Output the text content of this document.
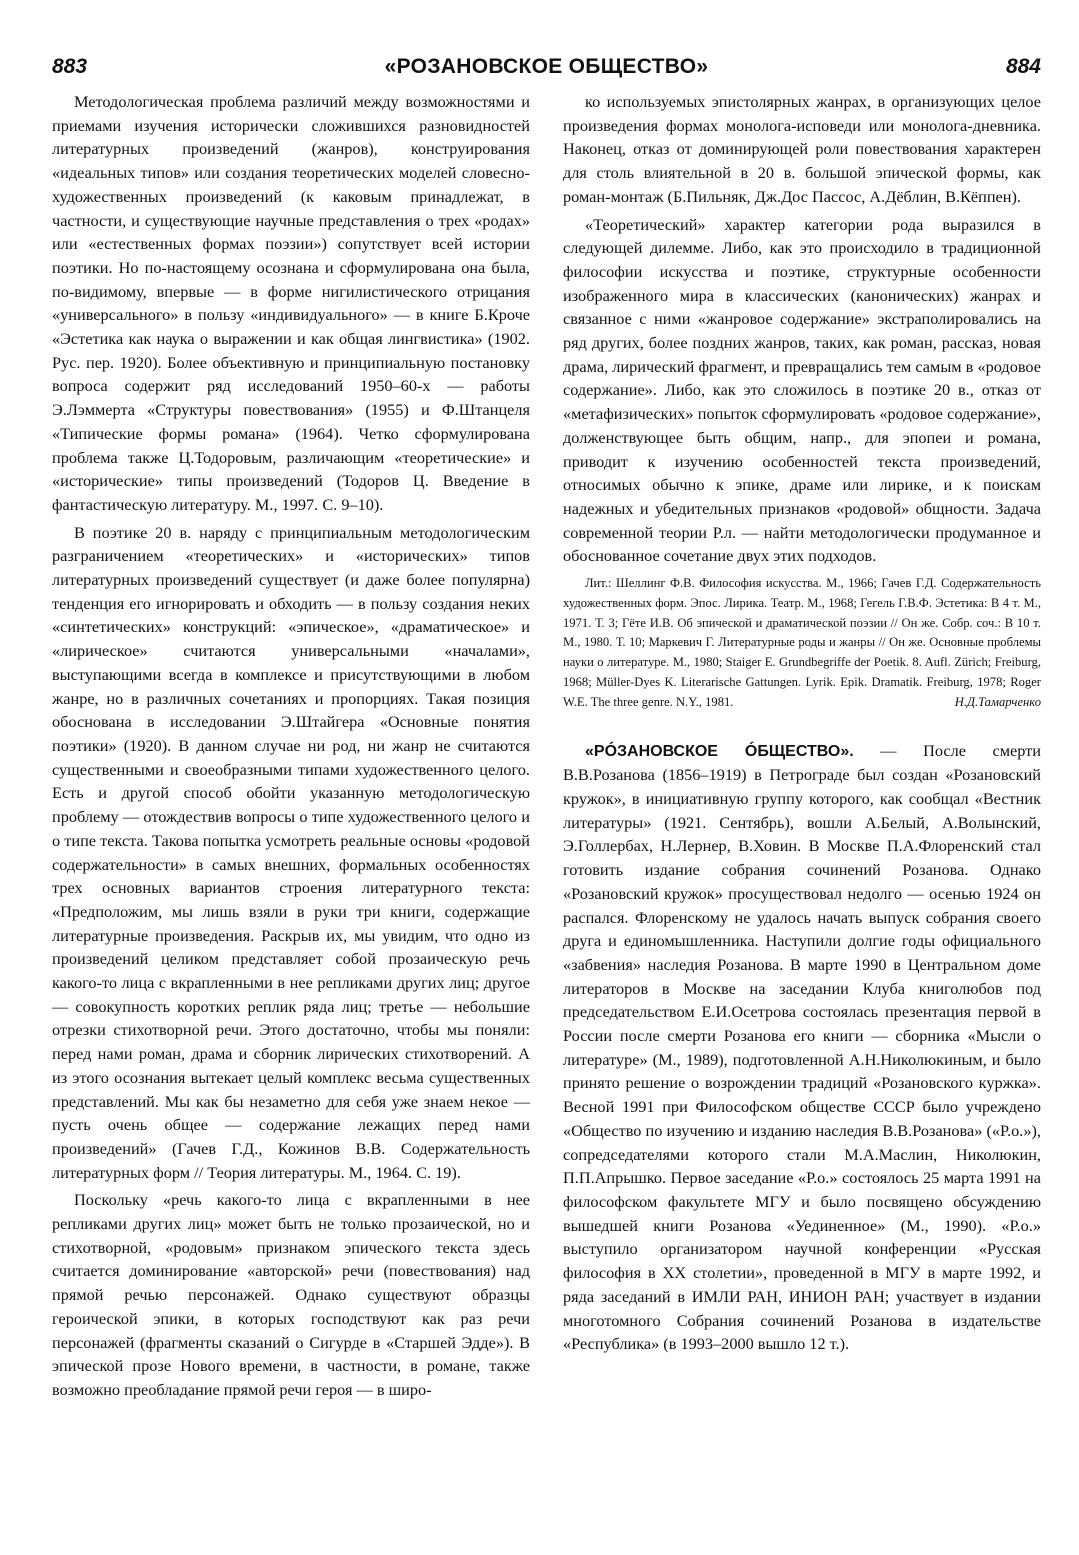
883	«РОЗАНОВСКОЕ ОБЩЕСТВО»	884

Методологическая проблема различий между возможностями и приемами изучения исторически сложившихся разновидностей литературных произведений (жанров), конструирования «идеальных типов» или создания теоретических моделей словесно-художественных произведений (к каковым принадлежат, в частности, и существующие научные представления о трех «родах» или «естественных формах поэзии») сопутствует всей истории поэтики. Но по-настоящему осознана и сформулирована она была, по-видимому, впервые — в форме нигилистического отрицания «универсального» в пользу «индивидуального» — в книге Б.Кроче «Эстетика как наука о выражении и как общая лингвистика» (1902. Рус. пер. 1920). Более объективную и принципиальную постановку вопроса содержит ряд исследований 1950–60-х — работы Э.Лэммерта «Структуры повествования» (1955) и Ф.Штанцеля «Типические формы романа» (1964). Четко сформулирована проблема также Ц.Тодоровым, различающим «теоретические» и «исторические» типы произведений (Тодоров Ц. Введение в фантастическую литературу. М., 1997. С. 9–10).

В поэтике 20 в. наряду с принципиальным методологическим разграничением «теоретических» и «исторических» типов литературных произведений существует (и даже более популярна) тенденция его игнорировать и обходить — в пользу создания неких «синтетических» конструкций: «эпическое», «драматическое» и «лирическое» считаются универсальными «началами», выступающими всегда в комплексе и присутствующими в любом жанре, но в различных сочетаниях и пропорциях. Такая позиция обоснована в исследовании Э.Штайгера «Основные понятия поэтики» (1920). В данном случае ни род, ни жанр не считаются существенными и своеобразными типами художественного целого. Есть и другой способ обойти указанную методологическую проблему — отождествив вопросы о типе художественного целого и о типе текста. Такова попытка усмотреть реальные основы «родовой содержательности» в самых внешних, формальных особенностях трех основных вариантов строения литературного текста: «Предположим, мы лишь взяли в руки три книги, содержащие литературные произведения. Раскрыв их, мы увидим, что одно из произведений целиком представляет собой прозаическую речь какого-то лица с вкрапленными в нее репликами других лиц; другое — совокупность коротких реплик ряда лиц; третье — небольшие отрезки стихотворной речи. Этого достаточно, чтобы мы поняли: перед нами роман, драма и сборник лирических стихотворений. А из этого осознания вытекает целый комплекс весьма существенных представлений. Мы как бы незаметно для себя уже знаем некое — пусть очень общее — содержание лежащих перед нами произведений» (Гачев Г.Д., Кожинов В.В. Содержательность литературных форм // Теория литературы. М., 1964. С. 19).

Поскольку «речь какого-то лица с вкрапленными в нее репликами других лиц» может быть не только прозаической, но и стихотворной, «родовым» признаком эпического текста здесь считается доминирование «авторской» речи (повествования) над прямой речью персонажей. Однако существуют образцы героической эпики, в которых господствуют как раз речи персонажей (фрагменты сказаний о Сигурде в «Старшей Эдде»). В эпической прозе Нового времени, в частности, в романе, также возможно преобладание прямой речи героя — в широ-

ко используемых эпистолярных жанрах, в организующих целое произведения формах монолога-исповеди или монолога-дневника. Наконец, отказ от доминирующей роли повествования характерен для столь влиятельной в 20 в. большой эпической формы, как роман-монтаж (Б.Пильняк, Дж.Дос Пассос, А.Дёблин, В.Кёппен).

«Теоретический» характер категории рода выразился в следующей дилемме. Либо, как это происходило в традиционной философии искусства и поэтике, структурные особенности изображенного мира в классических (канонических) жанрах и связанное с ними «жанровое содержание» экстраполировались на ряд других, более поздних жанров, таких, как роман, рассказ, новая драма, лирический фрагмент, и превращались тем самым в «родовое содержание». Либо, как это сложилось в поэтике 20 в., отказ от «метафизических» попыток сформулировать «родовое содержание», долженствующее быть общим, напр., для эпопеи и романа, приводит к изучению особенностей текста произведений, относимых обычно к эпике, драме или лирике, и к поискам надежных и убедительных признаков «родовой» общности. Задача современной теории Р.л. — найти методологически продуманное и обоснованное сочетание двух этих подходов.

Лит.: Шеллинг Ф.В. Философия искусства. М., 1966; Гачев Г.Д. Содержательность художественных форм. Эпос. Лирика. Театр. М., 1968; Гегель Г.В.Ф. Эстетика: В 4 т. М., 1971. Т. 3; Гёте И.В. Об эпической и драматической поэзии // Он же. Собр. соч.: В 10 т. М., 1980. Т. 10; Маркевич Г. Литературные роды и жанры // Он же. Основные проблемы науки о литературе. М., 1980; Staiger E. Grundbegriffe der Poetik. 8. Aufl. Zürich; Freiburg, 1968; Müller-Dyes K. Literarische Gattungen. Lyrik. Epik. Dramatik. Freiburg, 1978; Roger W.E. The three genre. N.Y., 1981.	Н.Д.Тамарченко

«РÓЗАНОВСКОЕ ÓБЩЕСТВО». — После смерти В.В.Розанова (1856–1919) в Петрограде был создан «Розановский кружок», в инициативную группу которого, как сообщал «Вестник литературы» (1921. Сентябрь), вошли А.Белый, А.Волынский, Э.Голлербах, Н.Лернер, В.Ховин. В Москве П.А.Флоренский стал готовить издание собрания сочинений Розанова. Однако «Розановский кружок» просуществовал недолго — осенью 1924 он распался. Флоренскому не удалось начать выпуск собрания своего друга и единомышленника. Наступили долгие годы официального «забвения» наследия Розанова. В марте 1990 в Центральном доме литераторов в Москве на заседании Клуба книголюбов под председательством Е.И.Осетрова состоялась презентация первой в России после смерти Розанова его книги — сборника «Мысли о литературе» (М., 1989), подготовленной А.Н.Николюкиным, и было принято решение о возрождении традиций «Розановского куржка». Весной 1991 при Философском обществе СССР было учреждено «Общество по изучению и изданию наследия В.В.Розанова» («Р.о.»), сопредседателями которого стали М.А.Маслин, Николюкин, П.П.Апрышко. Первое заседание «Р.о.» состоялось 25 марта 1991 на философском факультете МГУ и было посвящено обсуждению вышедшей книги Розанова «Уединенное» (М., 1990). «Р.о.» выступило организатором научной конференции «Русская философия в XX столетии», проведенной в МГУ в марте 1992, и ряда заседаний в ИМЛИ РАН, ИНИОН РАН; участвует в издании многотомного Собрания сочинений Розанова в издательстве «Республика» (в 1993–2000 вышло 12 т.).
